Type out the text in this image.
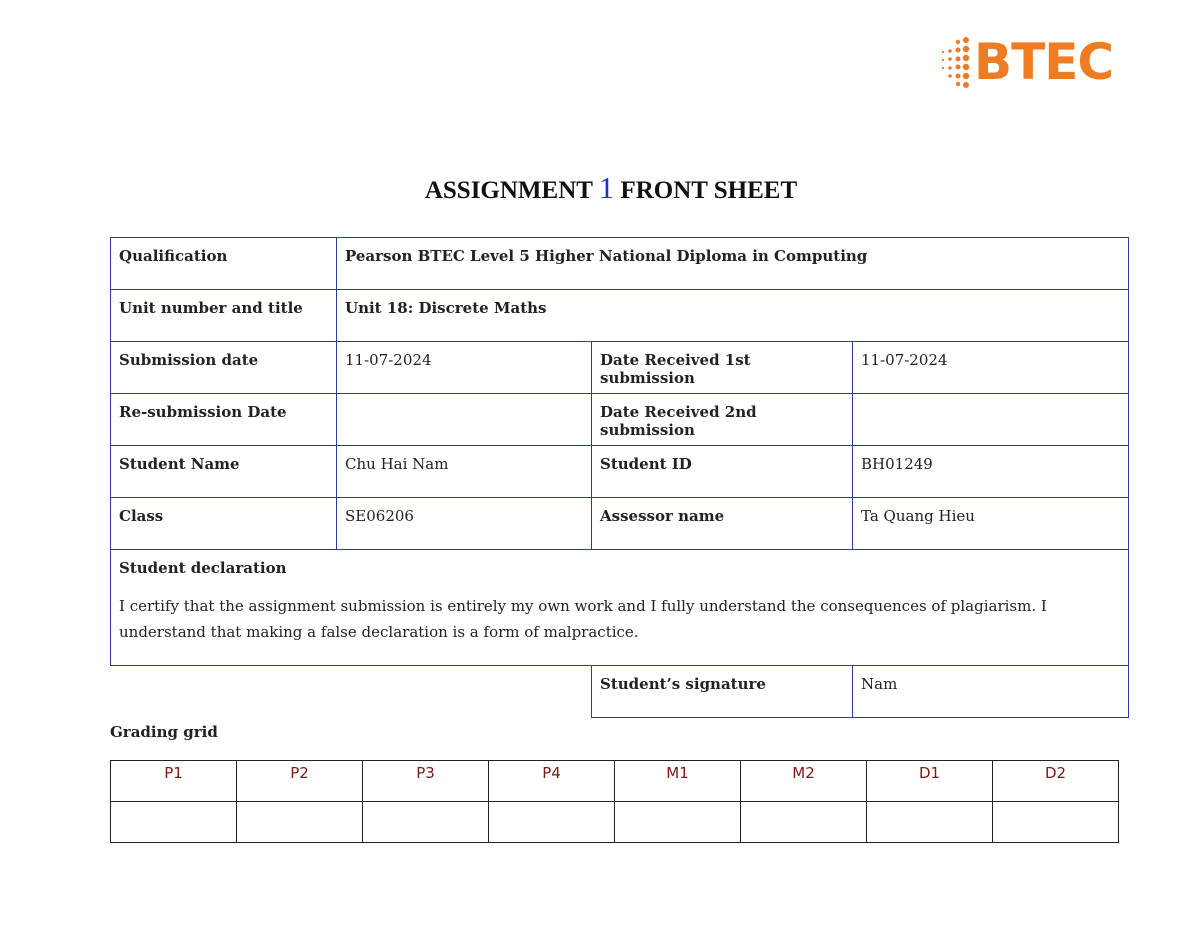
BTEC
ASSIGNMENT 1 FRONT SHEET
Qualification	Pearson BTEC Level 5 Higher National Diploma in Computing		
Unit number and title	Unit 18: Discrete Maths		
Submission date	11-07-2024	Date Received 1st submission	11-07-2024
Re-submission Date		Date Received 2nd submission	
Student Name	Chu Hai Nam	Student ID	BH01249
Class	SE06206	Assessor name	Ta Quang Hieu

Student declaration
I certify that the assignment submission is entirely my own work and I fully understand the consequences of plagiarism. I understand that making a false declaration is a form of malpractice.			

		Student’s signature	Nam
Grading grid
P1	P2	P3	P4	M1	M2	D1	D2
